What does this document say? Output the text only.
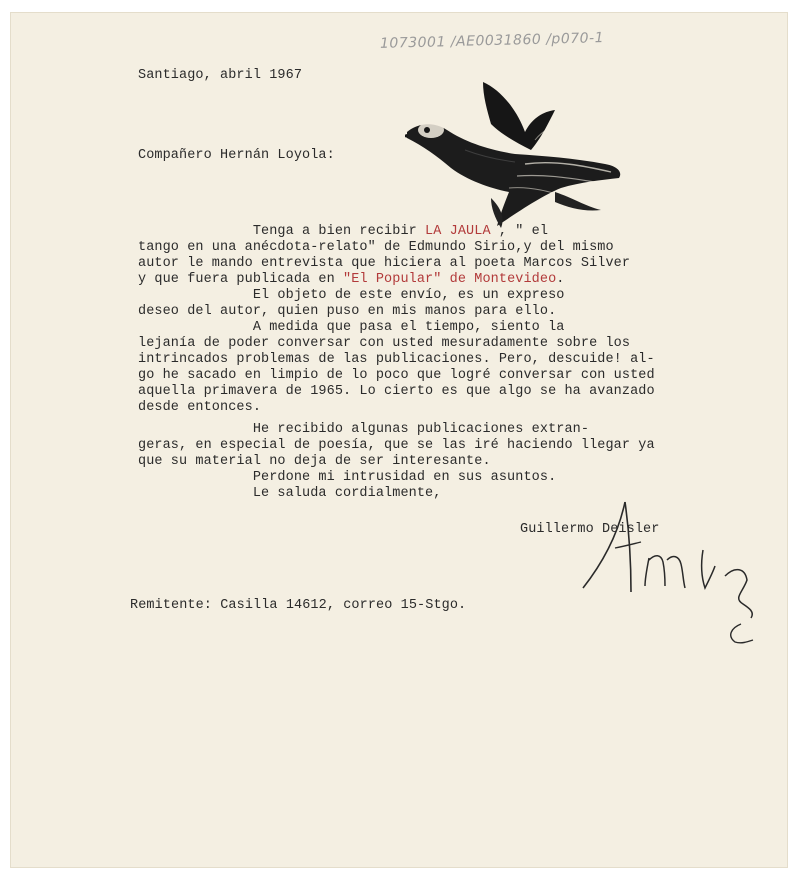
1073001 /AE0031860 /p070-1
Santiago, abril 1967
Compañero Hernán Loyola:
Tenga a bien recibir LA JAULA , " el
tango en una anécdota-relato" de Edmundo Sirio,y del mismo
autor le mando entrevista que hiciera al poeta Marcos Silver
y que fuera publicada en "El Popular" de Montevideo.
El objeto de este envío, es un expreso
deseo del autor, quien puso en mis manos para ello.
A medida que pasa el tiempo, siento la
lejanía de poder conversar con usted mesuradamente sobre los
intrincados problemas de las publicaciones. Pero, descuide! al-
go he sacado en limpio de lo poco que logré conversar con usted
aquella primavera de 1965. Lo cierto es que algo se ha avanzado
desde entonces.
He recibido algunas publicaciones extran-
geras, en especial de poesía, que se las iré haciendo llegar ya
que su material no deja de ser interesante.
Perdone mi intrusidad en sus asuntos.
Le saluda cordialmente,
Guillermo Deisler
Remitente: Casilla 14612, correo 15-Stgo.
